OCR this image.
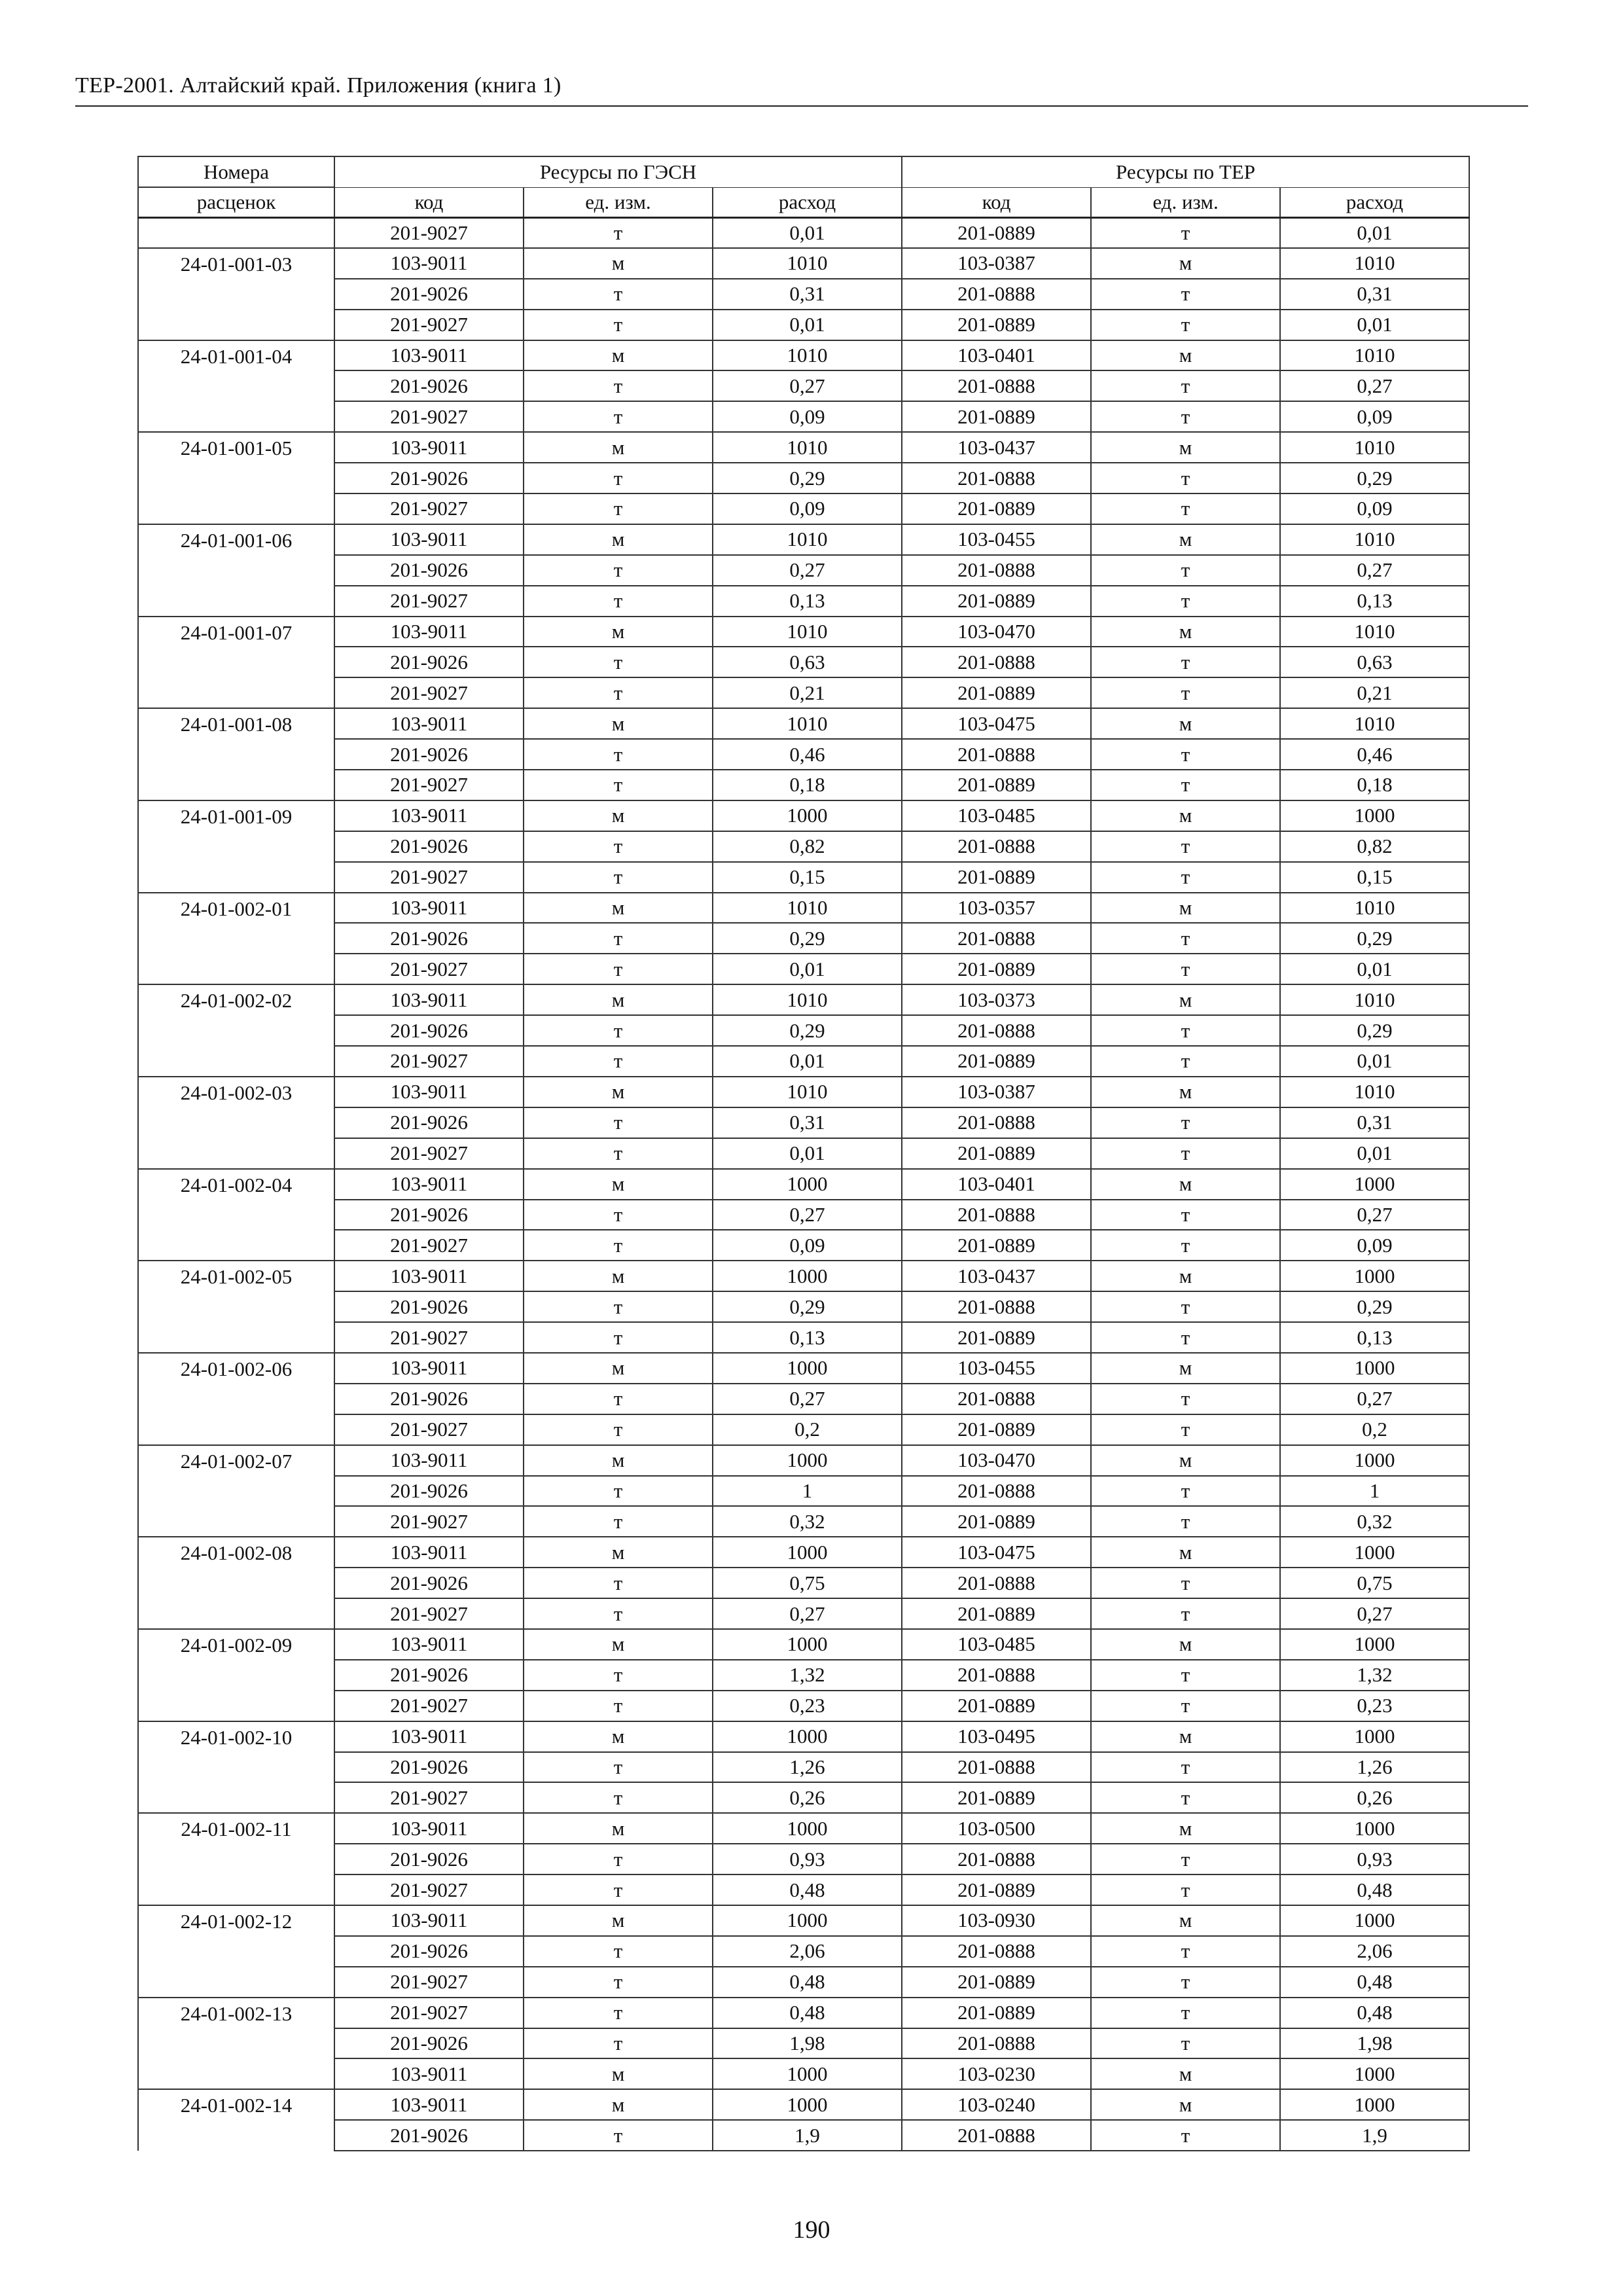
ТЕР-2001. Алтайский край. Приложения (книга 1)
Номера	Ресурсы по ГЭСН			Ресурсы по ТЕР		
расценок	код	ед. изм.	расход	код	ед. изм.	расход
	201-9027	т	0,01	201-0889	т	0,01
24-01-001-03	103-9011	м	1010	103-0387	м	1010
	201-9026	т	0,31	201-0888	т	0,31
	201-9027	т	0,01	201-0889	т	0,01
24-01-001-04	103-9011	м	1010	103-0401	м	1010
	201-9026	т	0,27	201-0888	т	0,27
	201-9027	т	0,09	201-0889	т	0,09
24-01-001-05	103-9011	м	1010	103-0437	м	1010
	201-9026	т	0,29	201-0888	т	0,29
	201-9027	т	0,09	201-0889	т	0,09
24-01-001-06	103-9011	м	1010	103-0455	м	1010
	201-9026	т	0,27	201-0888	т	0,27
	201-9027	т	0,13	201-0889	т	0,13
24-01-001-07	103-9011	м	1010	103-0470	м	1010
	201-9026	т	0,63	201-0888	т	0,63
	201-9027	т	0,21	201-0889	т	0,21
24-01-001-08	103-9011	м	1010	103-0475	м	1010
	201-9026	т	0,46	201-0888	т	0,46
	201-9027	т	0,18	201-0889	т	0,18
24-01-001-09	103-9011	м	1000	103-0485	м	1000
	201-9026	т	0,82	201-0888	т	0,82
	201-9027	т	0,15	201-0889	т	0,15
24-01-002-01	103-9011	м	1010	103-0357	м	1010
	201-9026	т	0,29	201-0888	т	0,29
	201-9027	т	0,01	201-0889	т	0,01
24-01-002-02	103-9011	м	1010	103-0373	м	1010
	201-9026	т	0,29	201-0888	т	0,29
	201-9027	т	0,01	201-0889	т	0,01
24-01-002-03	103-9011	м	1010	103-0387	м	1010
	201-9026	т	0,31	201-0888	т	0,31
	201-9027	т	0,01	201-0889	т	0,01
24-01-002-04	103-9011	м	1000	103-0401	м	1000
	201-9026	т	0,27	201-0888	т	0,27
	201-9027	т	0,09	201-0889	т	0,09
24-01-002-05	103-9011	м	1000	103-0437	м	1000
	201-9026	т	0,29	201-0888	т	0,29
	201-9027	т	0,13	201-0889	т	0,13
24-01-002-06	103-9011	м	1000	103-0455	м	1000
	201-9026	т	0,27	201-0888	т	0,27
	201-9027	т	0,2	201-0889	т	0,2
24-01-002-07	103-9011	м	1000	103-0470	м	1000
	201-9026	т	1	201-0888	т	1
	201-9027	т	0,32	201-0889	т	0,32
24-01-002-08	103-9011	м	1000	103-0475	м	1000
	201-9026	т	0,75	201-0888	т	0,75
	201-9027	т	0,27	201-0889	т	0,27
24-01-002-09	103-9011	м	1000	103-0485	м	1000
	201-9026	т	1,32	201-0888	т	1,32
	201-9027	т	0,23	201-0889	т	0,23
24-01-002-10	103-9011	м	1000	103-0495	м	1000
	201-9026	т	1,26	201-0888	т	1,26
	201-9027	т	0,26	201-0889	т	0,26
24-01-002-11	103-9011	м	1000	103-0500	м	1000
	201-9026	т	0,93	201-0888	т	0,93
	201-9027	т	0,48	201-0889	т	0,48
24-01-002-12	103-9011	м	1000	103-0930	м	1000
	201-9026	т	2,06	201-0888	т	2,06
	201-9027	т	0,48	201-0889	т	0,48
24-01-002-13	201-9027	т	0,48	201-0889	т	0,48
	201-9026	т	1,98	201-0888	т	1,98
	103-9011	м	1000	103-0230	м	1000
24-01-002-14	103-9011	м	1000	103-0240	м	1000
	201-9026	т	1,9	201-0888	т	1,9
190
